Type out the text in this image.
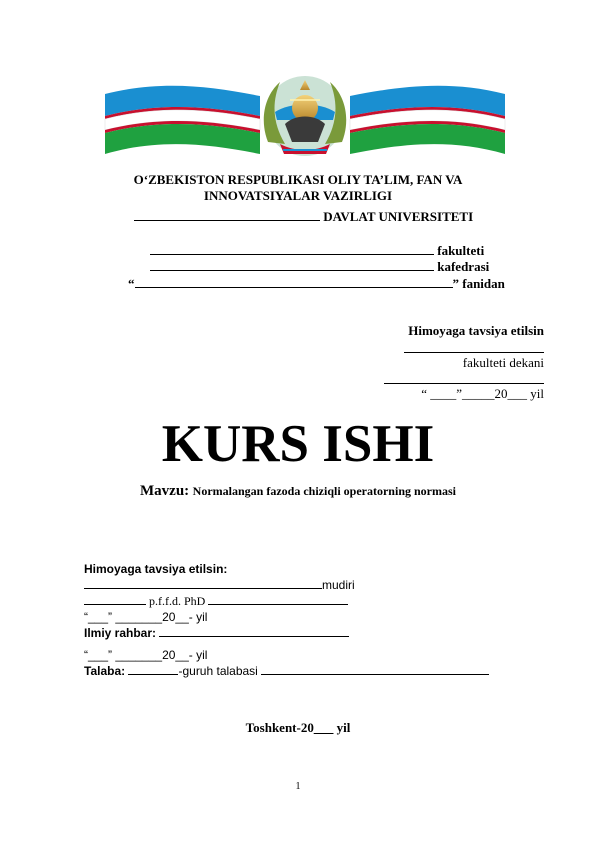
O‘ZBEKISTON RESPUBLIKASI OLIY TA’LIM, FAN VA
INNOVATSIYALAR VAZIRLIGI
DAVLAT UNIVERSITETI
fakulteti
kafedrasi
“	” fanidan
Himoyaga tavsiya etilsin
fakulteti dekani
“ ____”_____20___ yil
KURS ISHI
Mavzu: Normalangan fazoda chiziqli operatorning normasi
Himoyaga tavsiya etilsin:
mudiri
p.f.f.d. PhD
“___” _______20__- yil
Ilmiy rahbar:
“___” _______20__- yil
Talaba:	-guruh talabasi
Toshkent-20___ yil
1
